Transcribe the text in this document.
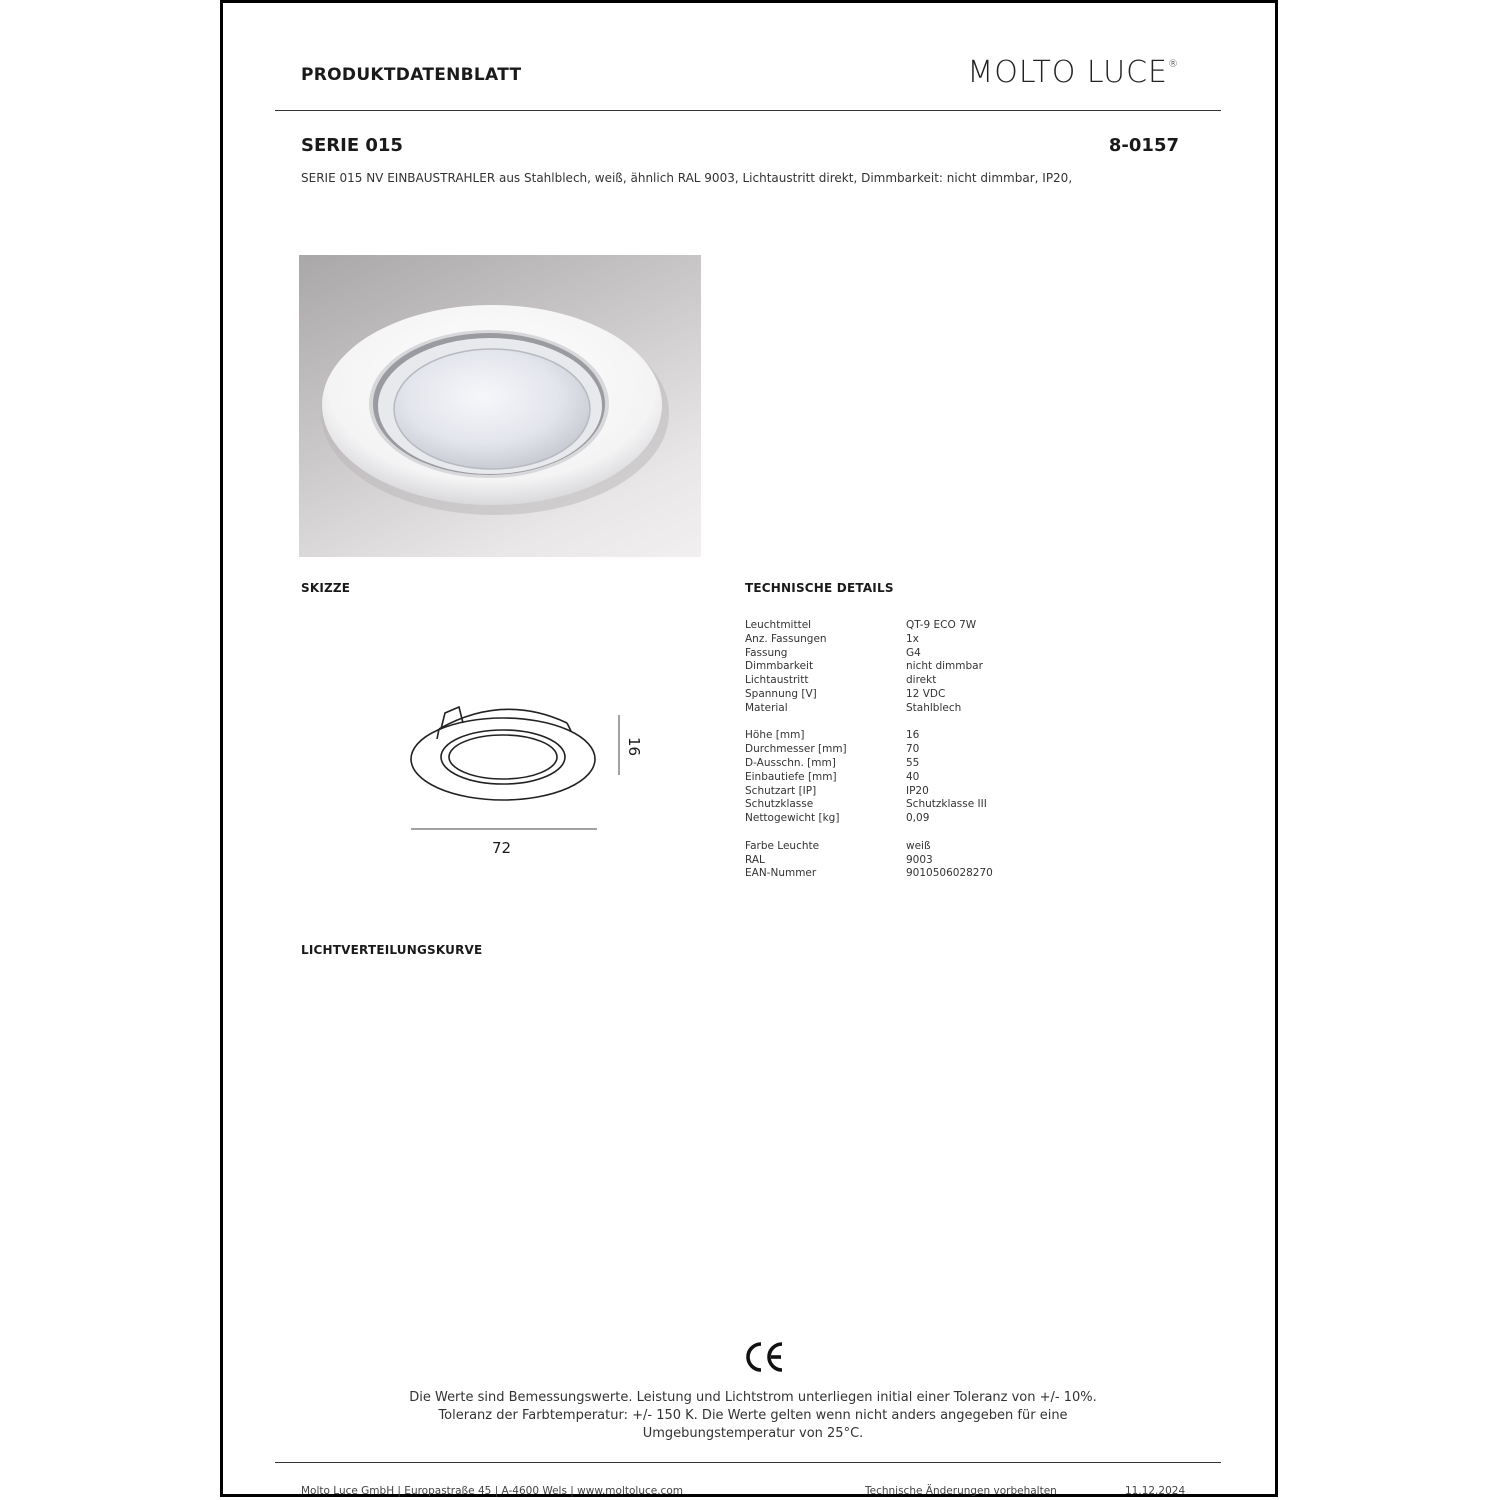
PRODUKTDATENBLATT	MOLTO LUCE®
SERIE 015	8-0157
SERIE 015 NV EINBAUSTRAHLER aus Stahlblech, weiß, ähnlich RAL 9003, Lichtaustritt direkt, Dimmbarkeit: nicht dimmbar, IP20,
SKIZZE	TECHNISCHE DETAILS
16
72
Leuchtmittel	QT-9 ECO 7W
Anz. Fassungen	1x
Fassung	G4
Dimmbarkeit	nicht dimmbar
Lichtaustritt	direkt
Spannung [V]	12 VDC
Material	Stahlblech

Höhe [mm]	16
Durchmesser [mm]	70
D-Ausschn. [mm]	55
Einbautiefe [mm]	40
Schutzart [IP]	IP20
Schutzklasse	Schutzklasse III
Nettogewicht [kg]	0,09

Farbe Leuchte	weiß
RAL	9003
EAN-Nummer	9010506028270
LICHTVERTEILUNGSKURVE
Die Werte sind Bemessungswerte. Leistung und Lichtstrom unterliegen initial einer Toleranz von +/- 10%.
Toleranz der Farbtemperatur: +/- 150 K. Die Werte gelten wenn nicht anders angegeben für eine
Umgebungstemperatur von 25°C.
Molto Luce GmbH | Europastraße 45 | A-4600 Wels | www.moltoluce.com	Technische Änderungen vorbehalten	11.12.2024
